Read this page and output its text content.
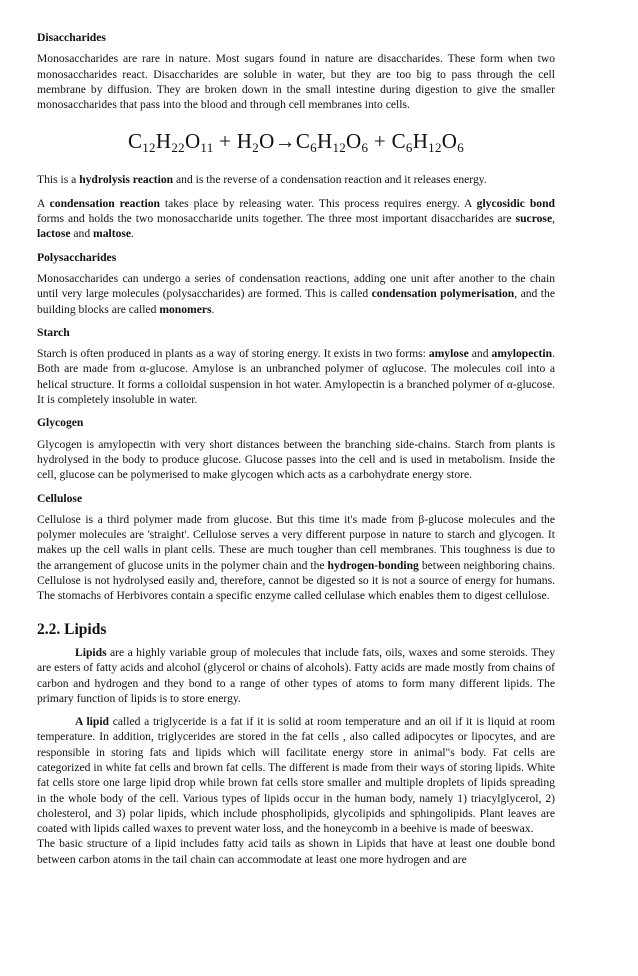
Disaccharides

Monosaccharides are rare in nature. Most sugars found in nature are disaccharides. These form when two monosaccharides react. Disaccharides are soluble in water, but they are too big to pass through the cell membrane by diffusion. They are broken down in the small intestine during digestion to give the smaller monosaccharides that pass into the blood and through cell membranes into cells.

$C_{12}H_{22}O_{11} + H_2O\to C_6H_{12}O_6 + C_6H_{12}O_6$

This is a hydrolysis reaction and is the reverse of a condensation reaction and it releases energy.

A condensation reaction takes place by releasing water. This process requires energy. A glycosidic bond forms and holds the two monosaccharide units together. The three most important disaccharides are sucrose, lactose and maltose.

Polysaccharides

Monosaccharides can undergo a series of condensation reactions, adding one unit after another to the chain until very large molecules (polysaccharides) are formed. This is called condensation polymerisation, and the building blocks are called monomers.

Starch

Starch is often produced in plants as a way of storing energy. It exists in two forms: amylose and amylopectin. Both are made from α-glucose. Amylose is an unbranched polymer of αglucose. The molecules coil into a helical structure. It forms a colloidal suspension in hot water. Amylopectin is a branched polymer of α-glucose. It is completely insoluble in water.

Glycogen

Glycogen is amylopectin with very short distances between the branching side-chains. Starch from plants is hydrolysed in the body to produce glucose. Glucose passes into the cell and is used in metabolism. Inside the cell, glucose can be polymerised to make glycogen which acts as a carbohydrate energy store.

Cellulose

Cellulose is a third polymer made from glucose. But this time it's made from β-glucose molecules and the polymer molecules are 'straight'. Cellulose serves a very different purpose in nature to starch and glycogen. It makes up the cell walls in plant cells. These are much tougher than cell membranes. This toughness is due to the arrangement of glucose units in the polymer chain and the hydrogen-bonding between neighboring chains. Cellulose is not hydrolysed easily and, therefore, cannot be digested so it is not a source of energy for humans. The stomachs of Herbivores contain a specific enzyme called cellulase which enables them to digest cellulose.

2.2. Lipids

Lipids are a highly variable group of molecules that include fats, oils, waxes and some steroids. They are esters of fatty acids and alcohol (glycerol or chains of alcohols). Fatty acids are made mostly from chains of carbon and hydrogen and they bond to a range of other types of atoms to form many different lipids. The primary function of lipids is to store energy.

A lipid called a triglyceride is a fat if it is solid at room temperature and an oil if it is liquid at room temperature. In addition, triglycerides are stored in the fat cells , also called adipocytes or lipocytes, and are responsible in storing fats and lipids which will facilitate energy store in animal"s body. Fat cells are categorized in white fat cells and brown fat cells. The different is made from their ways of storing lipids. White fat cells store one large lipid drop while brown fat cells store smaller and multiple droplets of lipids spreading in the whole body of the cell. Various types of lipids occur in the human body, namely 1) triacylglycerol, 2) cholesterol, and 3) polar lipids, which include phospholipids, glycolipids and sphingolipids. Plant leaves are coated with lipids called waxes to prevent water loss, and the honeycomb in a beehive is made of beeswax.

The basic structure of a lipid includes fatty acid tails as shown in Lipids that have at least one double bond between carbon atoms in the tail chain can accommodate at least one more hydrogen and are
